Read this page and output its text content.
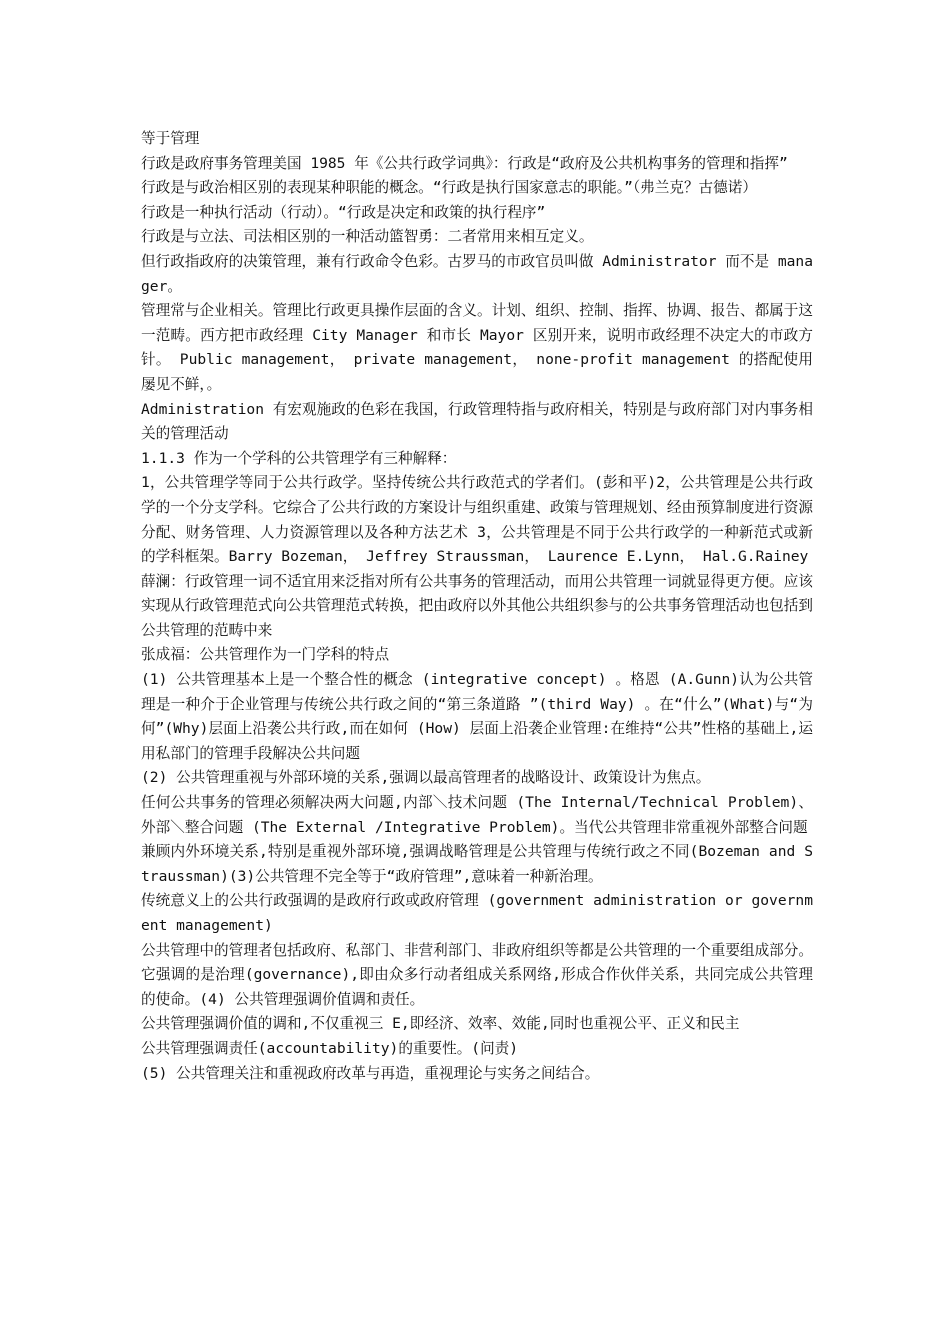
等于管理

行政是政府事务管理美国 1985 年《公共行政学词典》：行政是“政府及公共机构事务的管理和指挥”

行政是与政治相区别的表现某种职能的概念。“行政是执行国家意志的职能。”（弗兰克？古德诺）

行政是一种执行活动（行动）。“行政是决定和政策的执行程序”

行政是与立法、司法相区别的一种活动篮智勇：二者常用来相互定义。

但行政指政府的决策管理，兼有行政命令色彩。古罗马的市政官员叫做 Administrator 而不是 manager。

管理常与企业相关。管理比行政更具操作层面的含义。计划、组织、控制、指挥、协调、报告、都属于这一范畴。西方把市政经理 City Manager 和市长 Mayor 区别开来，说明市政经理不决定大的市政方针。 Public management， private management， none-profit management 的搭配使用屡见不鲜，。

Administration 有宏观施政的色彩在我国，行政管理特指与政府相关，特别是与政府部门对内事务相关的管理活动

1.1.3 作为一个学科的公共管理学有三种解释：

1，公共管理学等同于公共行政学。坚持传统公共行政范式的学者们。(彭和平)2，公共管理是公共行政学的一个分支学科。它综合了公共行政的方案设计与组织重建、政策与管理规划、经由预算制度进行资源分配、财务管理、人力资源管理以及各种方法艺术 3，公共管理是不同于公共行政学的一种新范式或新的学科框架。Barry Bozeman， Jeffrey Straussman， Laurence E.Lynn， Hal.G.Rainey

薛澜：行政管理一词不适宜用来泛指对所有公共事务的管理活动，而用公共管理一词就显得更方便。应该实现从行政管理范式向公共管理范式转换，把由政府以外其他公共组织参与的公共事务管理活动也包括到公共管理的范畴中来

张成福：公共管理作为一门学科的特点

(1) 公共管理基本上是一个整合性的概念 (integrative concept) 。格恩 (A.Gunn)认为公共管理是一种介于企业管理与传统公共行政之间的“第三条道路 ”(third Way) 。在“什么”(What)与“为何”(Why)层面上沿袭公共行政,而在如何 (How) 层面上沿袭企业管理:在维持“公共”性格的基础上,运用私部门的管理手段解决公共问题

(2) 公共管理重视与外部环境的关系,强调以最高管理者的战略设计、政策设计为焦点。

任何公共事务的管理必须解决两大问题,内部＼技术问题 (The Internal/Technical Problem)、外部＼整合问题 (The External /Integrative Problem)。当代公共管理非常重视外部整合问题

兼顾内外环境关系,特别是重视外部环境,强调战略管理是公共管理与传统行政之不同(Bozeman and Straussman)(3)公共管理不完全等于“政府管理”,意味着一种新治理。

传统意义上的公共行政强调的是政府行政或政府管理 (government administration or government management)

公共管理中的管理者包括政府、私部门、非营利部门、非政府组织等都是公共管理的一个重要组成部分。它强调的是治理(governance),即由众多行动者组成关系网络,形成合作伙伴关系，共同完成公共管理的使命。(4) 公共管理强调价值调和责任。

公共管理强调价值的调和,不仅重视三 E,即经济、效率、效能,同时也重视公平、正义和民主

公共管理强调责任(accountability)的重要性。(问责)

(5) 公共管理关注和重视政府改革与再造，重视理论与实务之间结合。
